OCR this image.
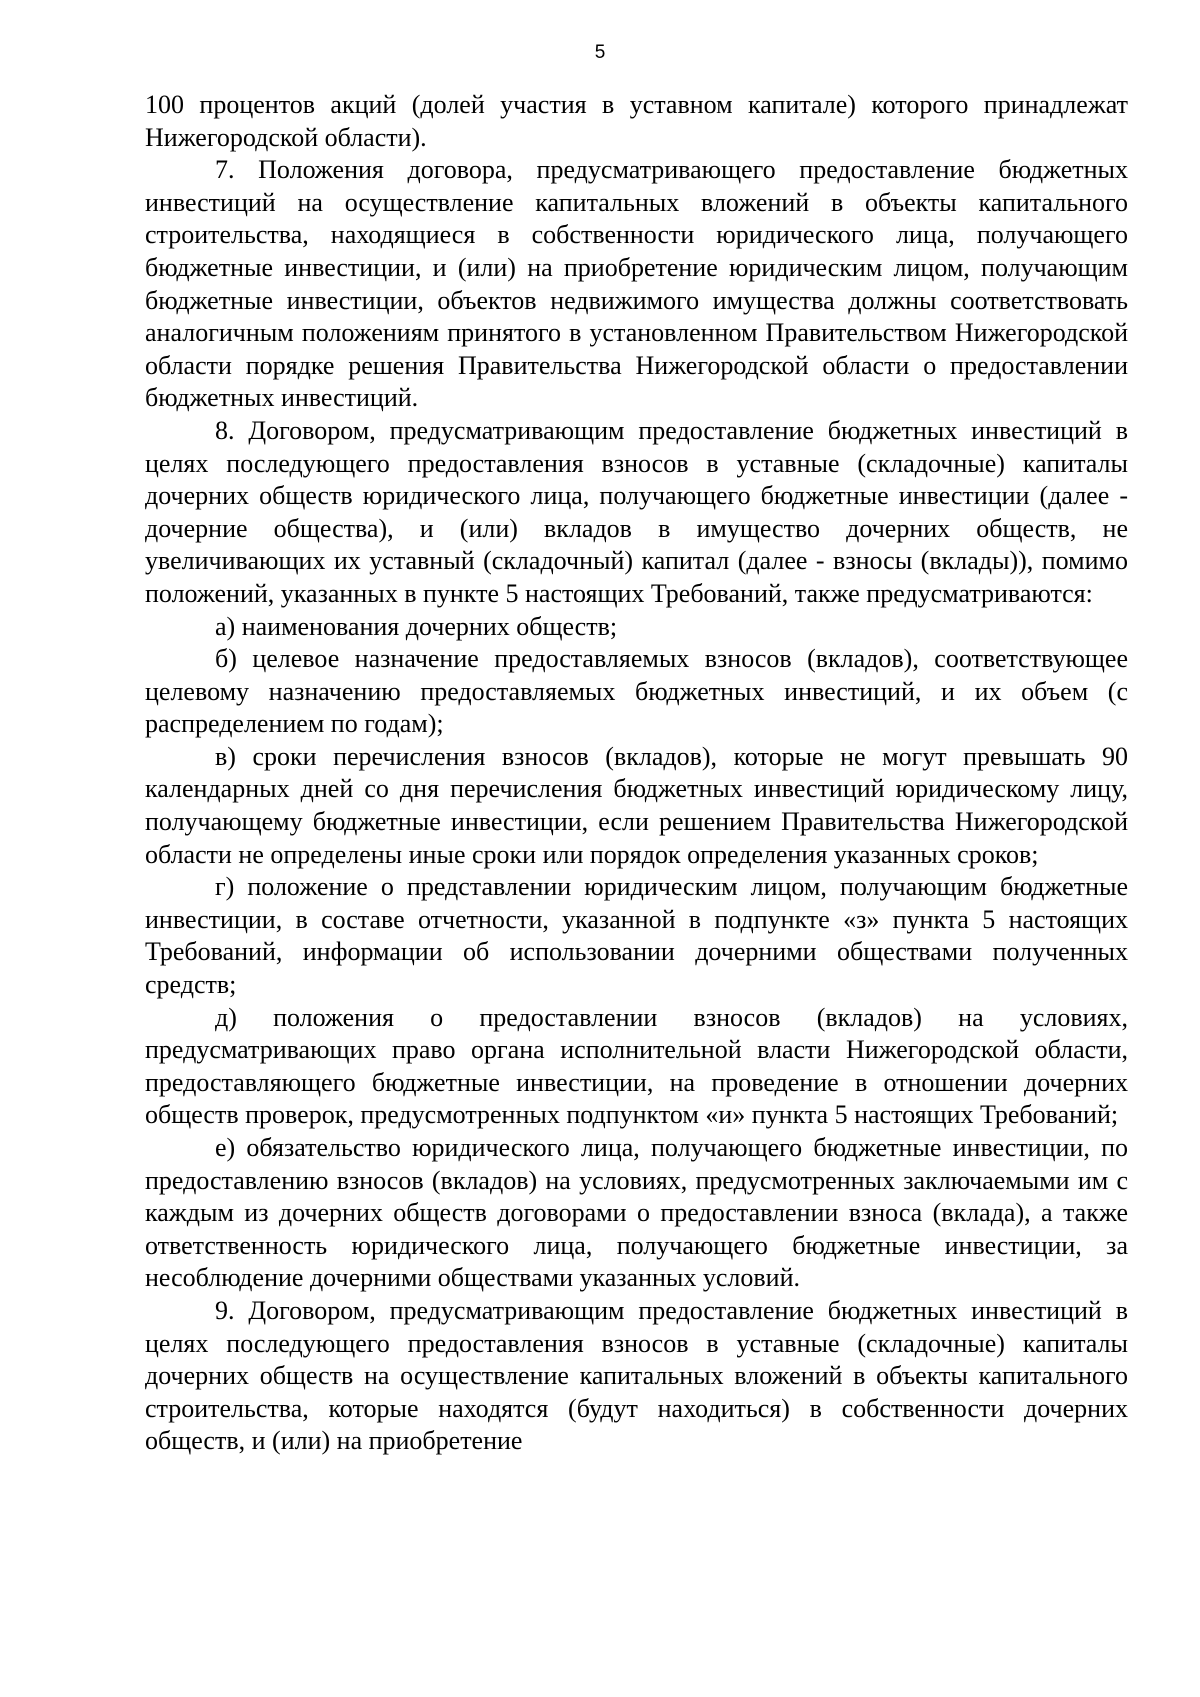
5

100 процентов акций (долей участия в уставном капитале) которого принадлежат Нижегородской области).

7. Положения договора, предусматривающего предоставление бюджетных инвестиций на осуществление капитальных вложений в объекты капитального строительства, находящиеся в собственности юридического лица, получающего бюджетные инвестиции, и (или) на приобретение юридическим лицом, получающим бюджетные инвестиции, объектов недвижимого имущества должны соответствовать аналогичным положениям принятого в установленном Правительством Нижегородской области порядке решения Правительства Нижегородской области о предоставлении бюджетных инвестиций.

8. Договором, предусматривающим предоставление бюджетных инвестиций в целях последующего предоставления взносов в уставные (складочные) капиталы дочерних обществ юридического лица, получающего бюджетные инвестиции (далее - дочерние общества), и (или) вкладов в имущество дочерних обществ, не увеличивающих их уставный (складочный) капитал (далее - взносы (вклады)), помимо положений, указанных в пункте 5 настоящих Требований, также предусматриваются:

а) наименования дочерних обществ;

б) целевое назначение предоставляемых взносов (вкладов), соответствующее целевому назначению предоставляемых бюджетных инвестиций, и их объем (с распределением по годам);

в) сроки перечисления взносов (вкладов), которые не могут превышать 90 календарных дней со дня перечисления бюджетных инвестиций юридическому лицу, получающему бюджетные инвестиции, если решением Правительства Нижегородской области не определены иные сроки или порядок определения указанных сроков;

г) положение о представлении юридическим лицом, получающим бюджетные инвестиции, в составе отчетности, указанной в подпункте «з» пункта 5 настоящих Требований, информации об использовании дочерними обществами полученных средств;

д) положения о предоставлении взносов (вкладов) на условиях, предусматривающих право органа исполнительной власти Нижегородской области, предоставляющего бюджетные инвестиции, на проведение в отношении дочерних обществ проверок, предусмотренных подпунктом «и» пункта 5 настоящих Требований;

е) обязательство юридического лица, получающего бюджетные инвестиции, по предоставлению взносов (вкладов) на условиях, предусмотренных заключаемыми им с каждым из дочерних обществ договорами о предоставлении взноса (вклада), а также ответственность юридического лица, получающего бюджетные инвестиции, за несоблюдение дочерними обществами указанных условий.

9. Договором, предусматривающим предоставление бюджетных инвестиций в целях последующего предоставления взносов в уставные (складочные) капиталы дочерних обществ на осуществление капитальных вложений в объекты капитального строительства, которые находятся (будут находиться) в собственности дочерних обществ, и (или) на приобретение
